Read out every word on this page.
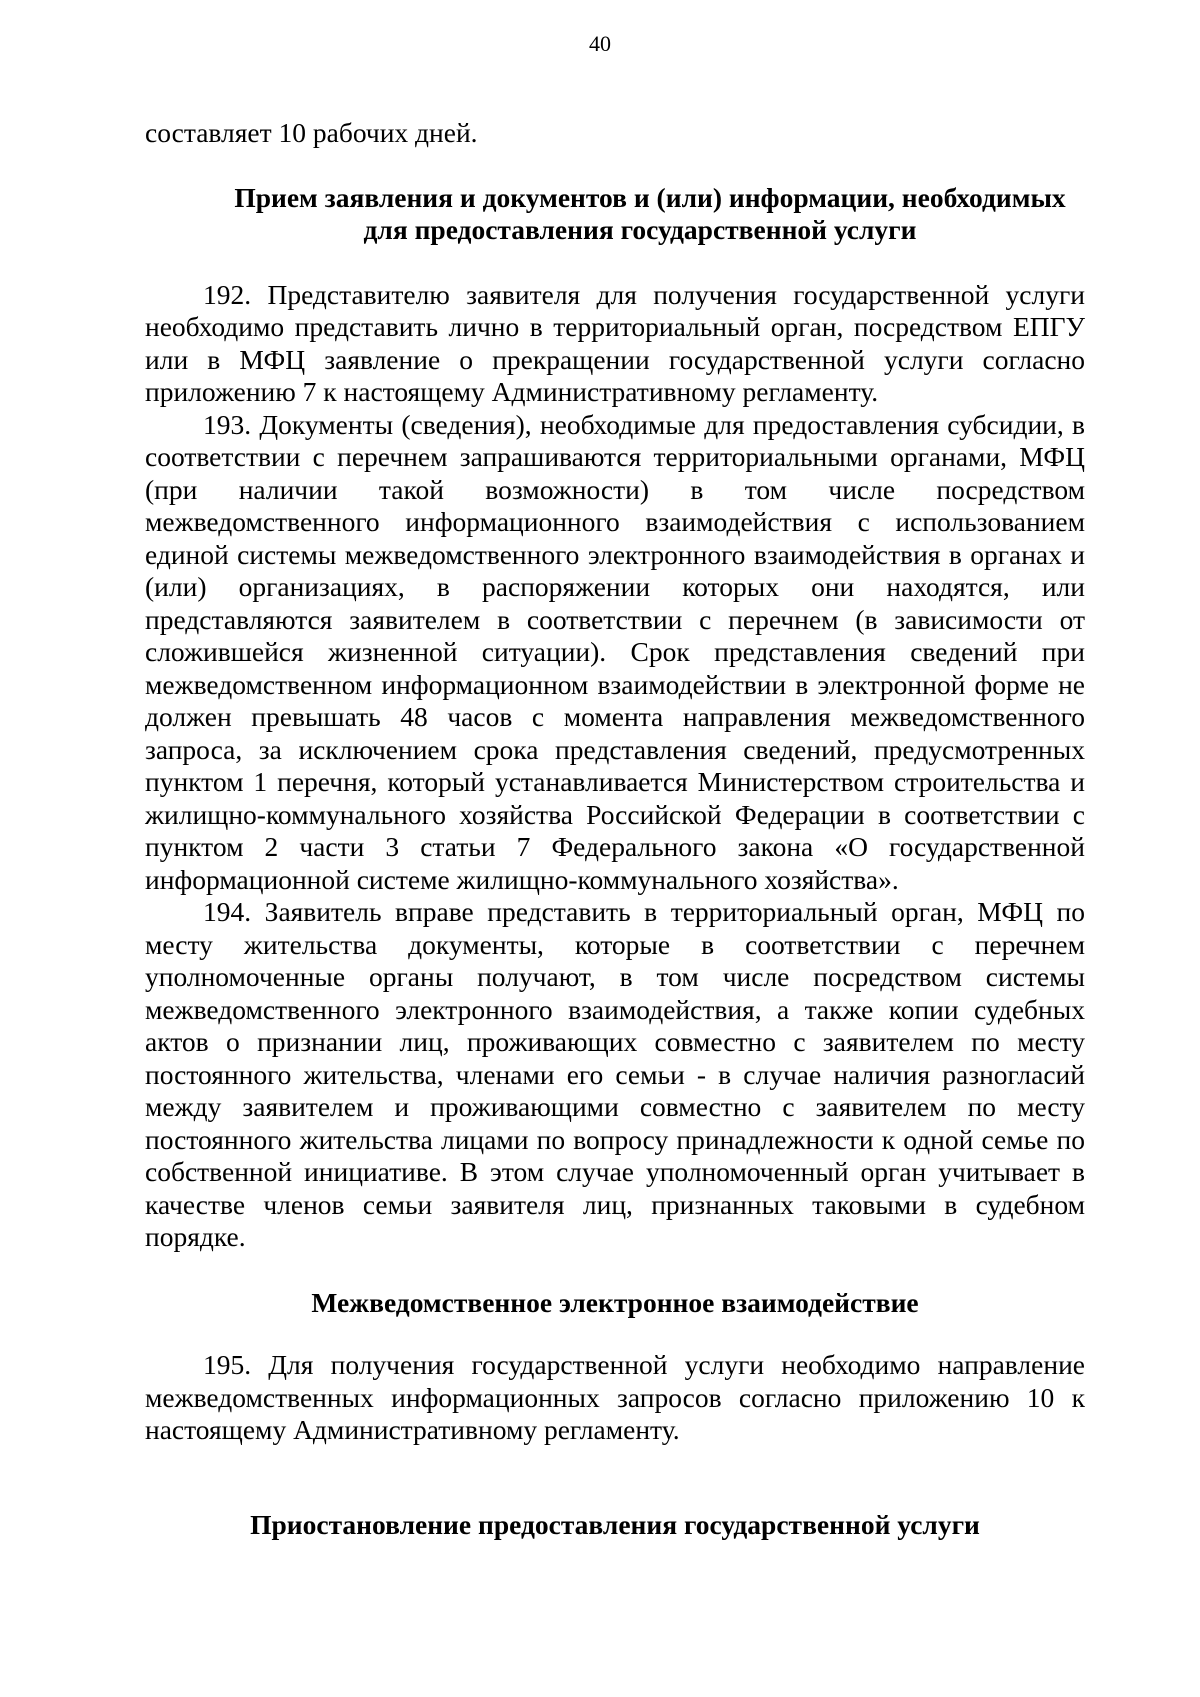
40

составляет 10 рабочих дней.

Прием заявления и документов и (или) информации, необходимых
для предоставления государственной услуги

192. Представителю заявителя для получения государственной услуги необходимо представить лично в территориальный орган, посредством ЕПГУ или в МФЦ заявление о прекращении государственной услуги согласно приложению 7 к настоящему Административному регламенту.

193. Документы (сведения), необходимые для предоставления субсидии, в соответствии с перечнем запрашиваются территориальными органами, МФЦ (при наличии такой возможности) в том числе посредством межведомственного информационного взаимодействия с использованием единой системы межведомственного электронного взаимодействия в органах и (или) организациях, в распоряжении которых они находятся, или представляются заявителем в соответствии с перечнем (в зависимости от сложившейся жизненной ситуации). Срок представления сведений при межведомственном информационном взаимодействии в электронной форме не должен превышать 48 часов с момента направления межведомственного запроса, за исключением срока представления сведений, предусмотренных пунктом 1 перечня, который устанавливается Министерством строительства и жилищно-коммунального хозяйства Российской Федерации в соответствии с пунктом 2 части 3 статьи 7 Федерального закона «О государственной информационной системе жилищно-коммунального хозяйства».

194. Заявитель вправе представить в территориальный орган, МФЦ по месту жительства документы, которые в соответствии с перечнем уполномоченные органы получают, в том числе посредством системы межведомственного электронного взаимодействия, а также копии судебных актов о признании лиц, проживающих совместно с заявителем по месту постоянного жительства, членами его семьи - в случае наличия разногласий между заявителем и проживающими совместно с заявителем по месту постоянного жительства лицами по вопросу принадлежности к одной семье по собственной инициативе. В этом случае уполномоченный орган учитывает в качестве членов семьи заявителя лиц, признанных таковыми в судебном порядке.

Межведомственное электронное взаимодействие

195. Для получения государственной услуги необходимо направление межведомственных информационных запросов согласно приложению 10 к настоящему Административному регламенту.

Приостановление предоставления государственной услуги
